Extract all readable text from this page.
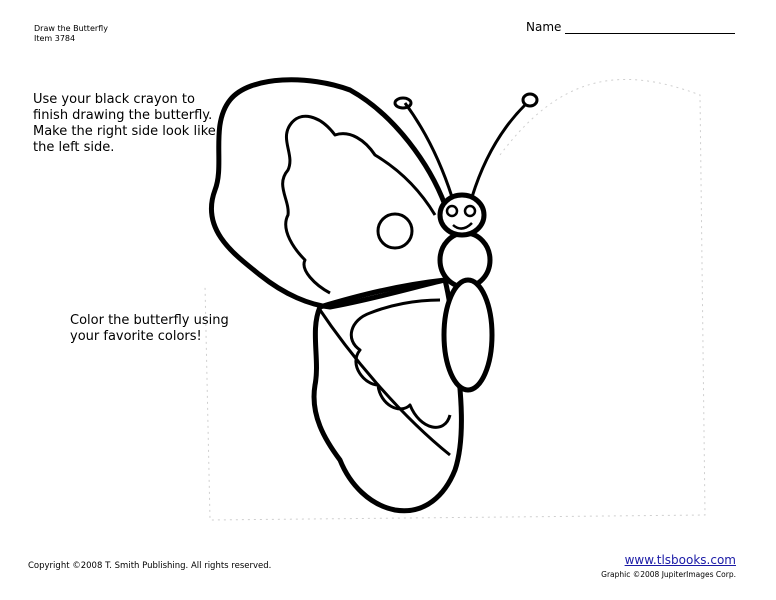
Draw the Butterfly
Item 3784
Name
Use your black crayon to finish drawing the butterfly. Make the right side look like the left side.
Color the butterfly using your favorite colors!
Copyright ©2008 T. Smith Publishing. All rights reserved.	www.tlsbooks.com
Graphic ©2008 JupiterImages Corp.
